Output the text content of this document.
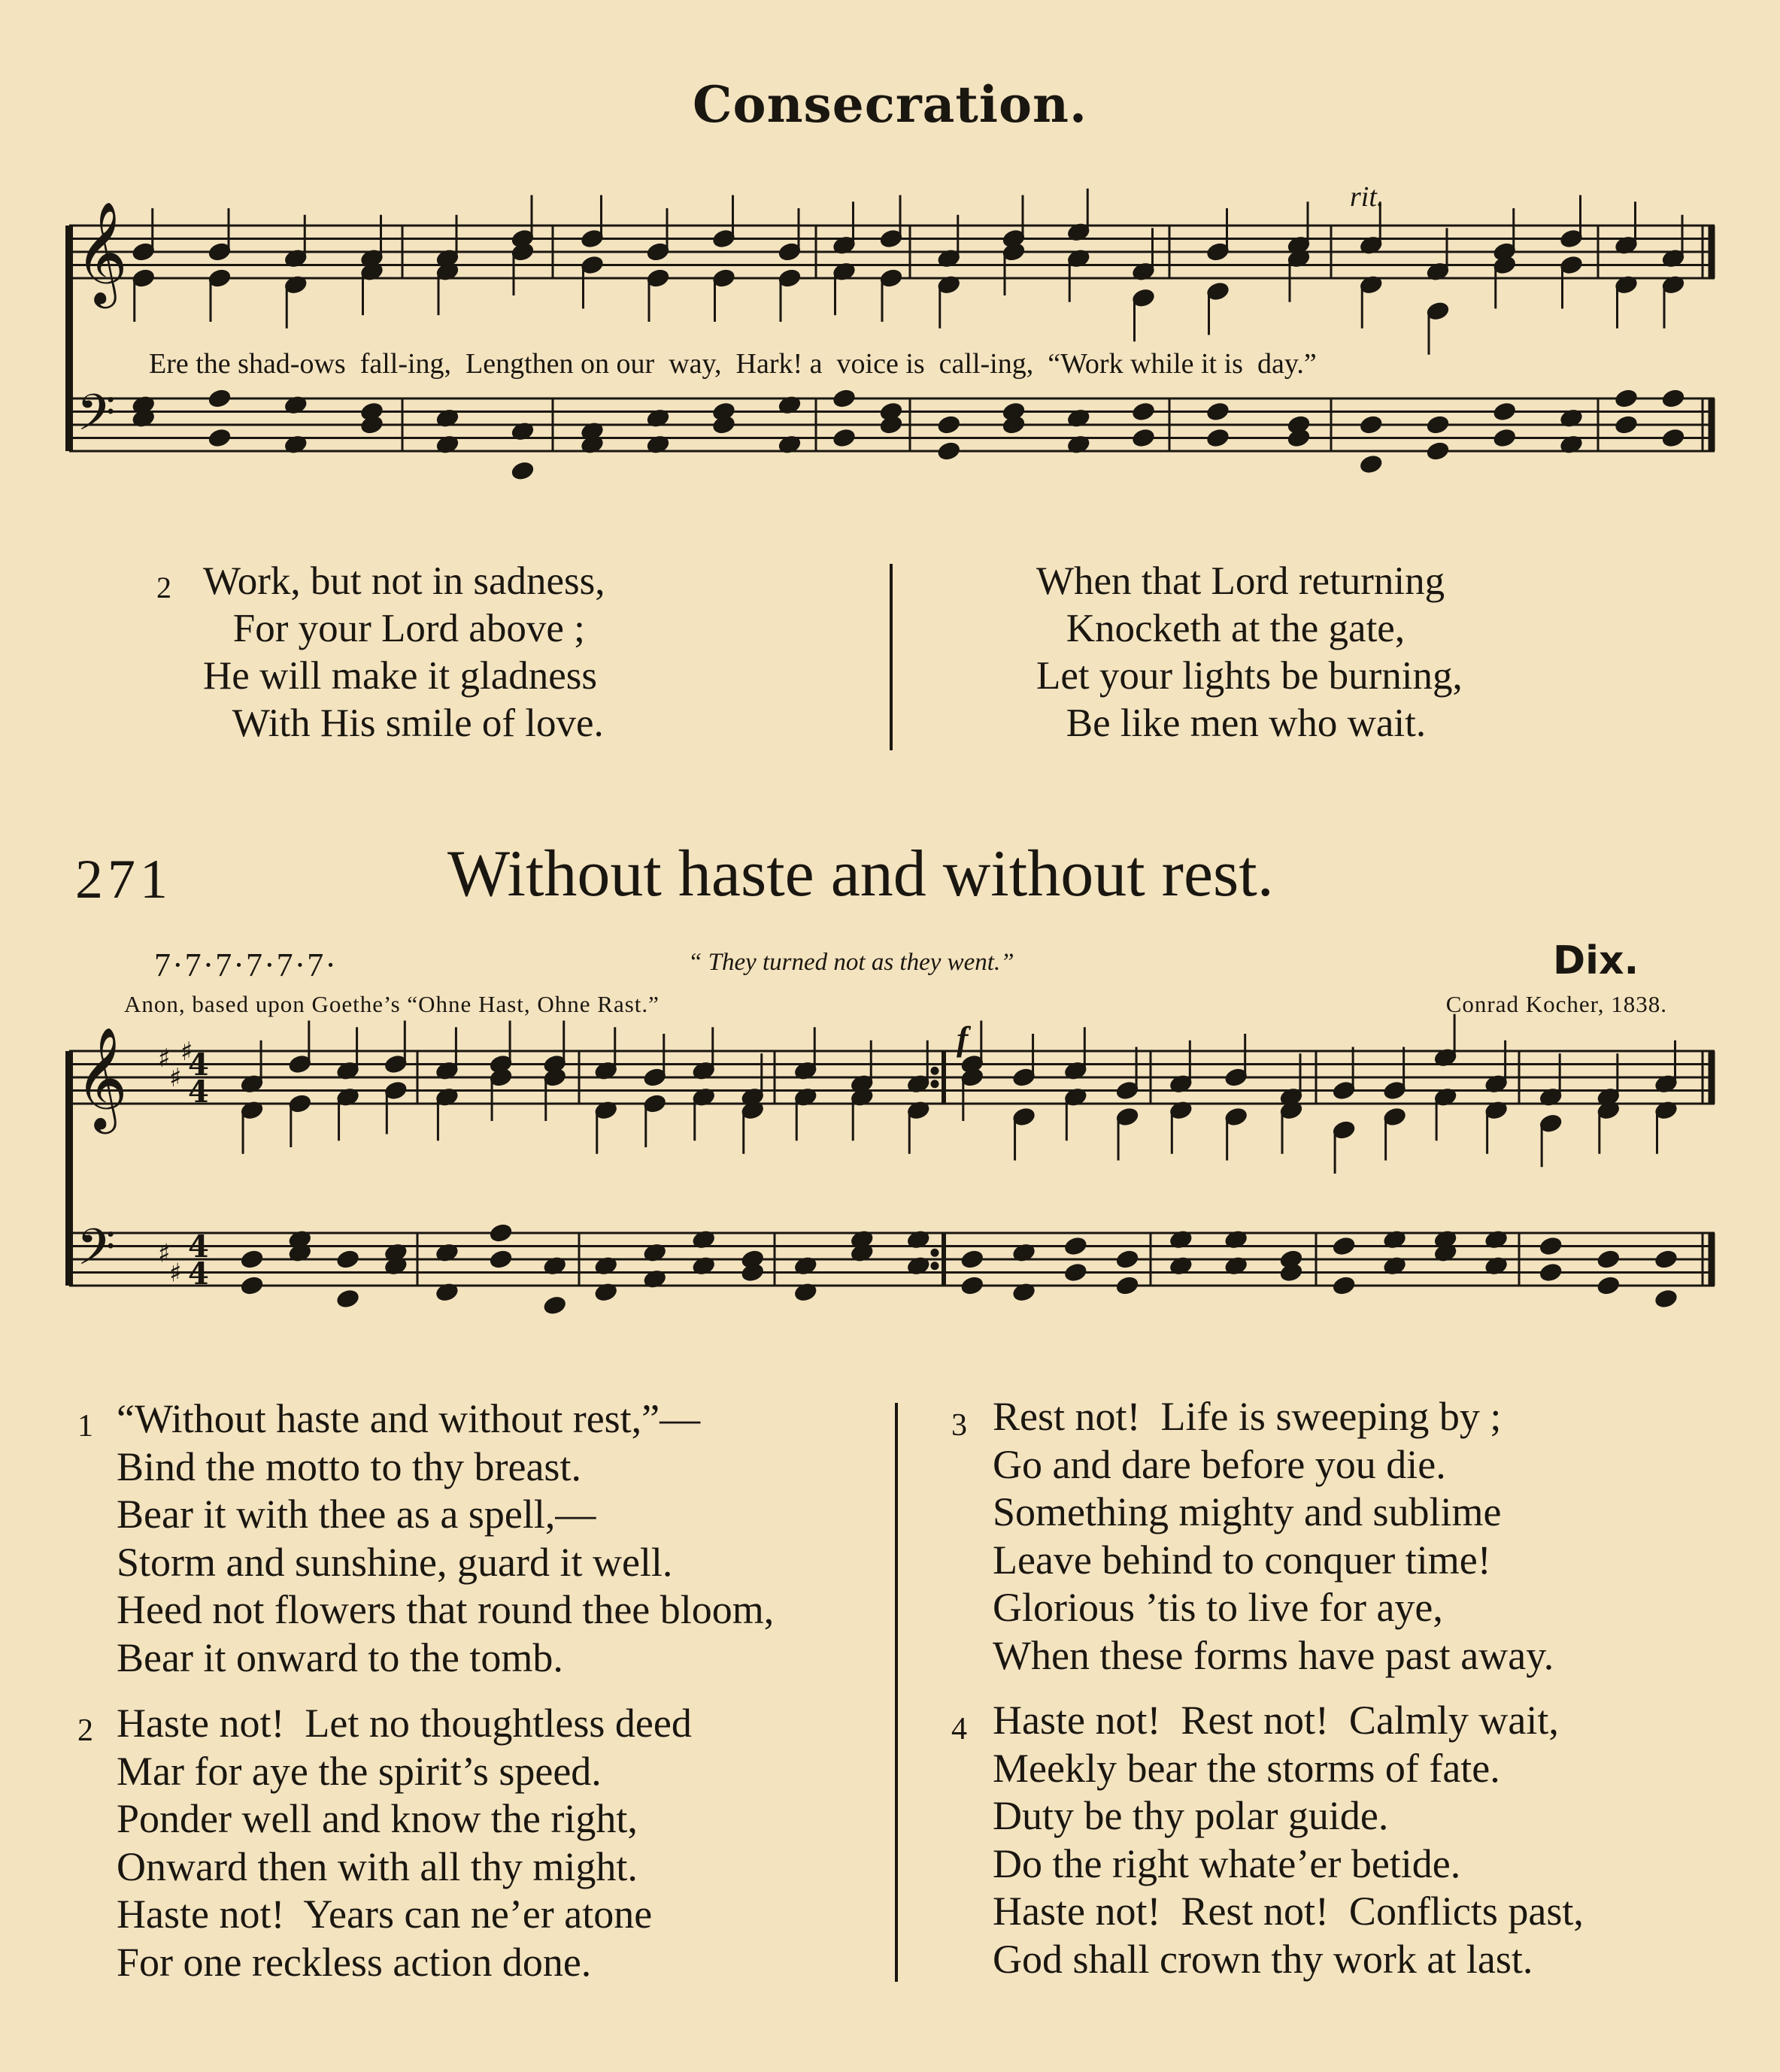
Consecration.
rit.
Ere the shad-ows  fall-ing,  Lengthen on our  way,  Hark! a  voice is  call-ing,  “Work while it is  day.”
2 Work, but not in sadness,
For your Lord above ;
He will make it gladness
With His smile of love.
When that Lord returning
Knocketh at the gate,
Let your lights be burning,
Be like men who wait.
271	Without haste and without rest.
7·7·7·7·7·7·	“ They turned not as they went.”	Dix.
Anon, based upon Goethe’s “Ohne Hast, Ohne Rast.”	Conrad Kocher, 1838.
f
𝄞
𝄢
𝄞
𝄢
♯
♯
♯
♯
♯
4
4
4
4
1 “Without haste and without rest,”—
Bind the motto to thy breast.
Bear it with thee as a spell,—
Storm and sunshine, guard it well.
Heed not flowers that round thee bloom,
Bear it onward to the tomb.
2 Haste not!  Let no thoughtless deed
Mar for aye the spirit’s speed.
Ponder well and know the right,
Onward then with all thy might.
Haste not!  Years can ne’er atone
For one reckless action done.
3 Rest not!  Life is sweeping by ;
Go and dare before you die.
Something mighty and sublime
Leave behind to conquer time!
Glorious ’tis to live for aye,
When these forms have past away.
4 Haste not!  Rest not!  Calmly wait,
Meekly bear the storms of fate.
Duty be thy polar guide.
Do the right whate’er betide.
Haste not!  Rest not!  Conflicts past,
God shall crown thy work at last.
